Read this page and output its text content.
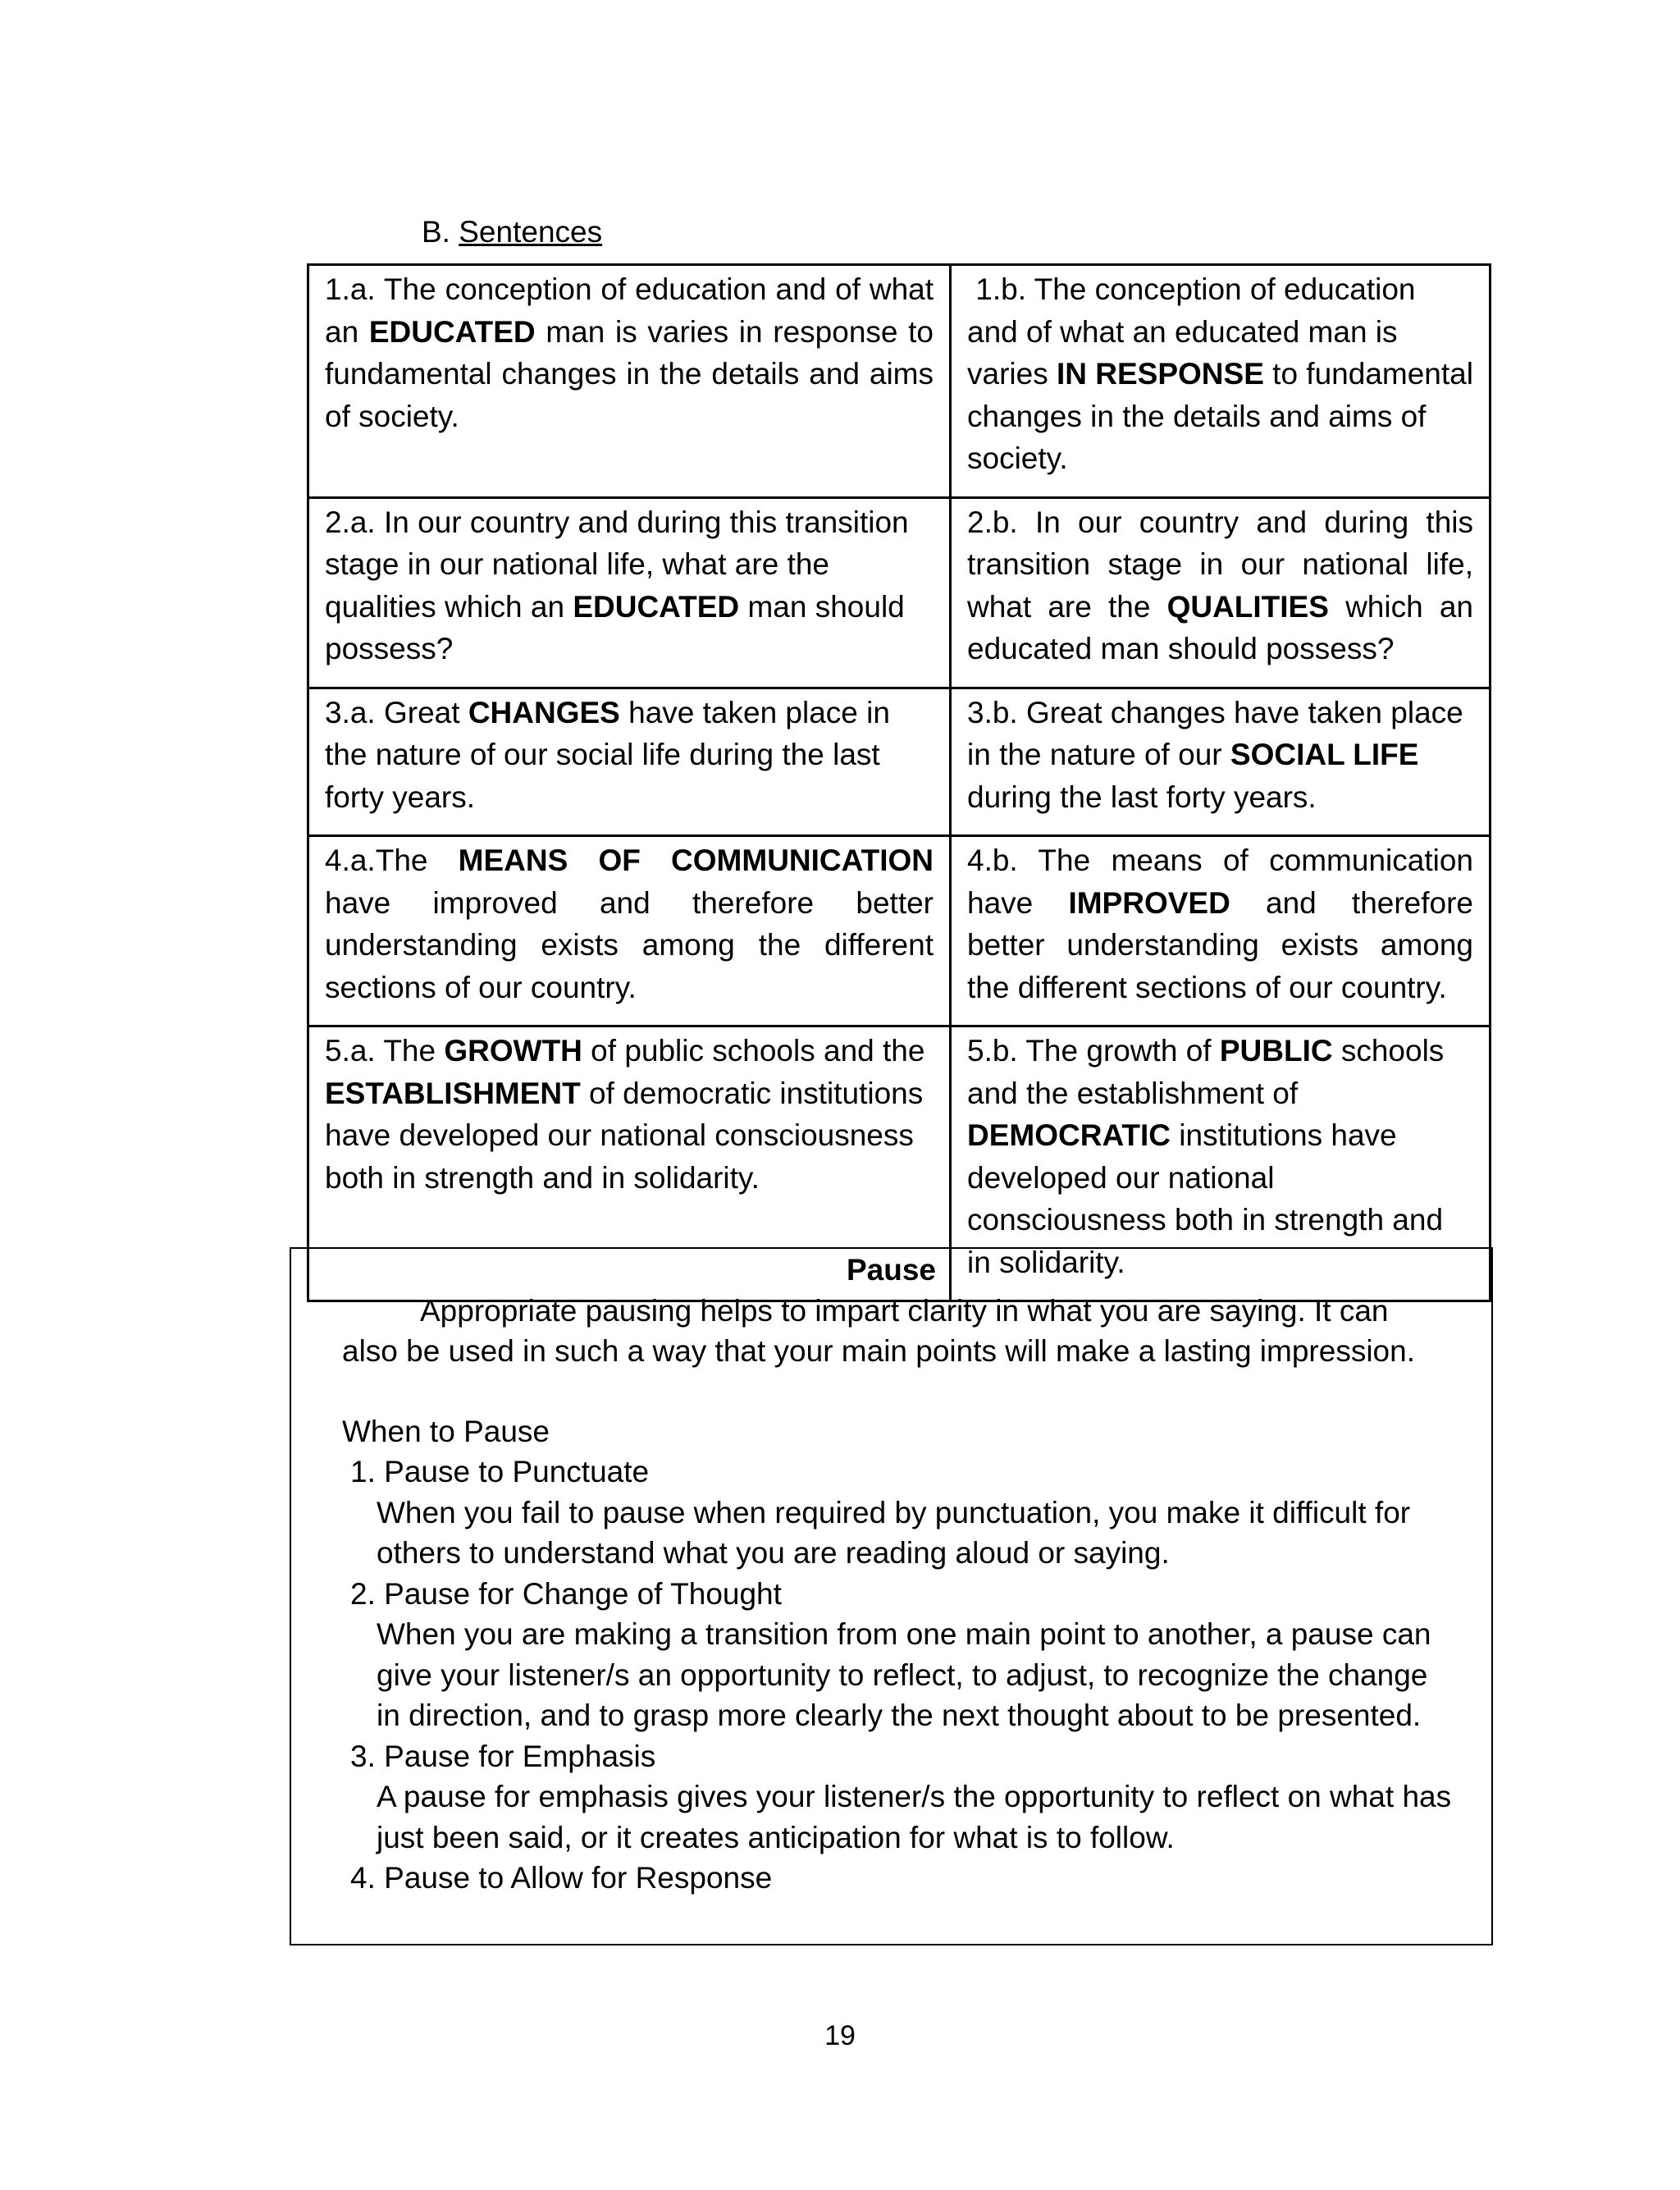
B. Sentences
1.a. The conception of education and of what an EDUCATED man is varies in response to fundamental changes in the details and aims of society.	1.b. The conception of education and of what an educated man is varies IN RESPONSE to fundamental changes in the details and aims of society.
2.a. In our country and during this transition stage in our national life, what are the qualities which an EDUCATED man should possess?	2.b. In our country and during this transition stage in our national life, what are the QUALITIES which an educated man should possess?
3.a. Great CHANGES have taken place in the nature of our social life during the last forty years.	3.b. Great changes have taken place in the nature of our SOCIAL LIFE during the last forty years.
4.a.The MEANS OF COMMUNICATION have improved and therefore better understanding exists among the different sections of our country.	4.b. The means of communication have IMPROVED and therefore better understanding exists among the different sections of our country.
5.a. The GROWTH of public schools and the ESTABLISHMENT of democratic institutions have developed our national consciousness both in strength and in solidarity.	5.b. The growth of PUBLIC schools and the establishment of DEMOCRATIC institutions have developed our national consciousness both in strength and in solidarity.
Pause
Appropriate pausing helps to impart clarity in what you are saying. It can
also be used in such a way that your main points will make a lasting impression.
When to Pause
1. Pause to Punctuate
When you fail to pause when required by punctuation, you make it difficult for others to understand what you are reading aloud or saying.
2. Pause for Change of Thought
When you are making a transition from one main point to another, a pause can give your listener/s an opportunity to reflect, to adjust, to recognize the change in direction, and to grasp more clearly the next thought about to be presented.
3. Pause for Emphasis
A pause for emphasis gives your listener/s the opportunity to reflect on what has just been said, or it creates anticipation for what is to follow.
4. Pause to Allow for Response
19
